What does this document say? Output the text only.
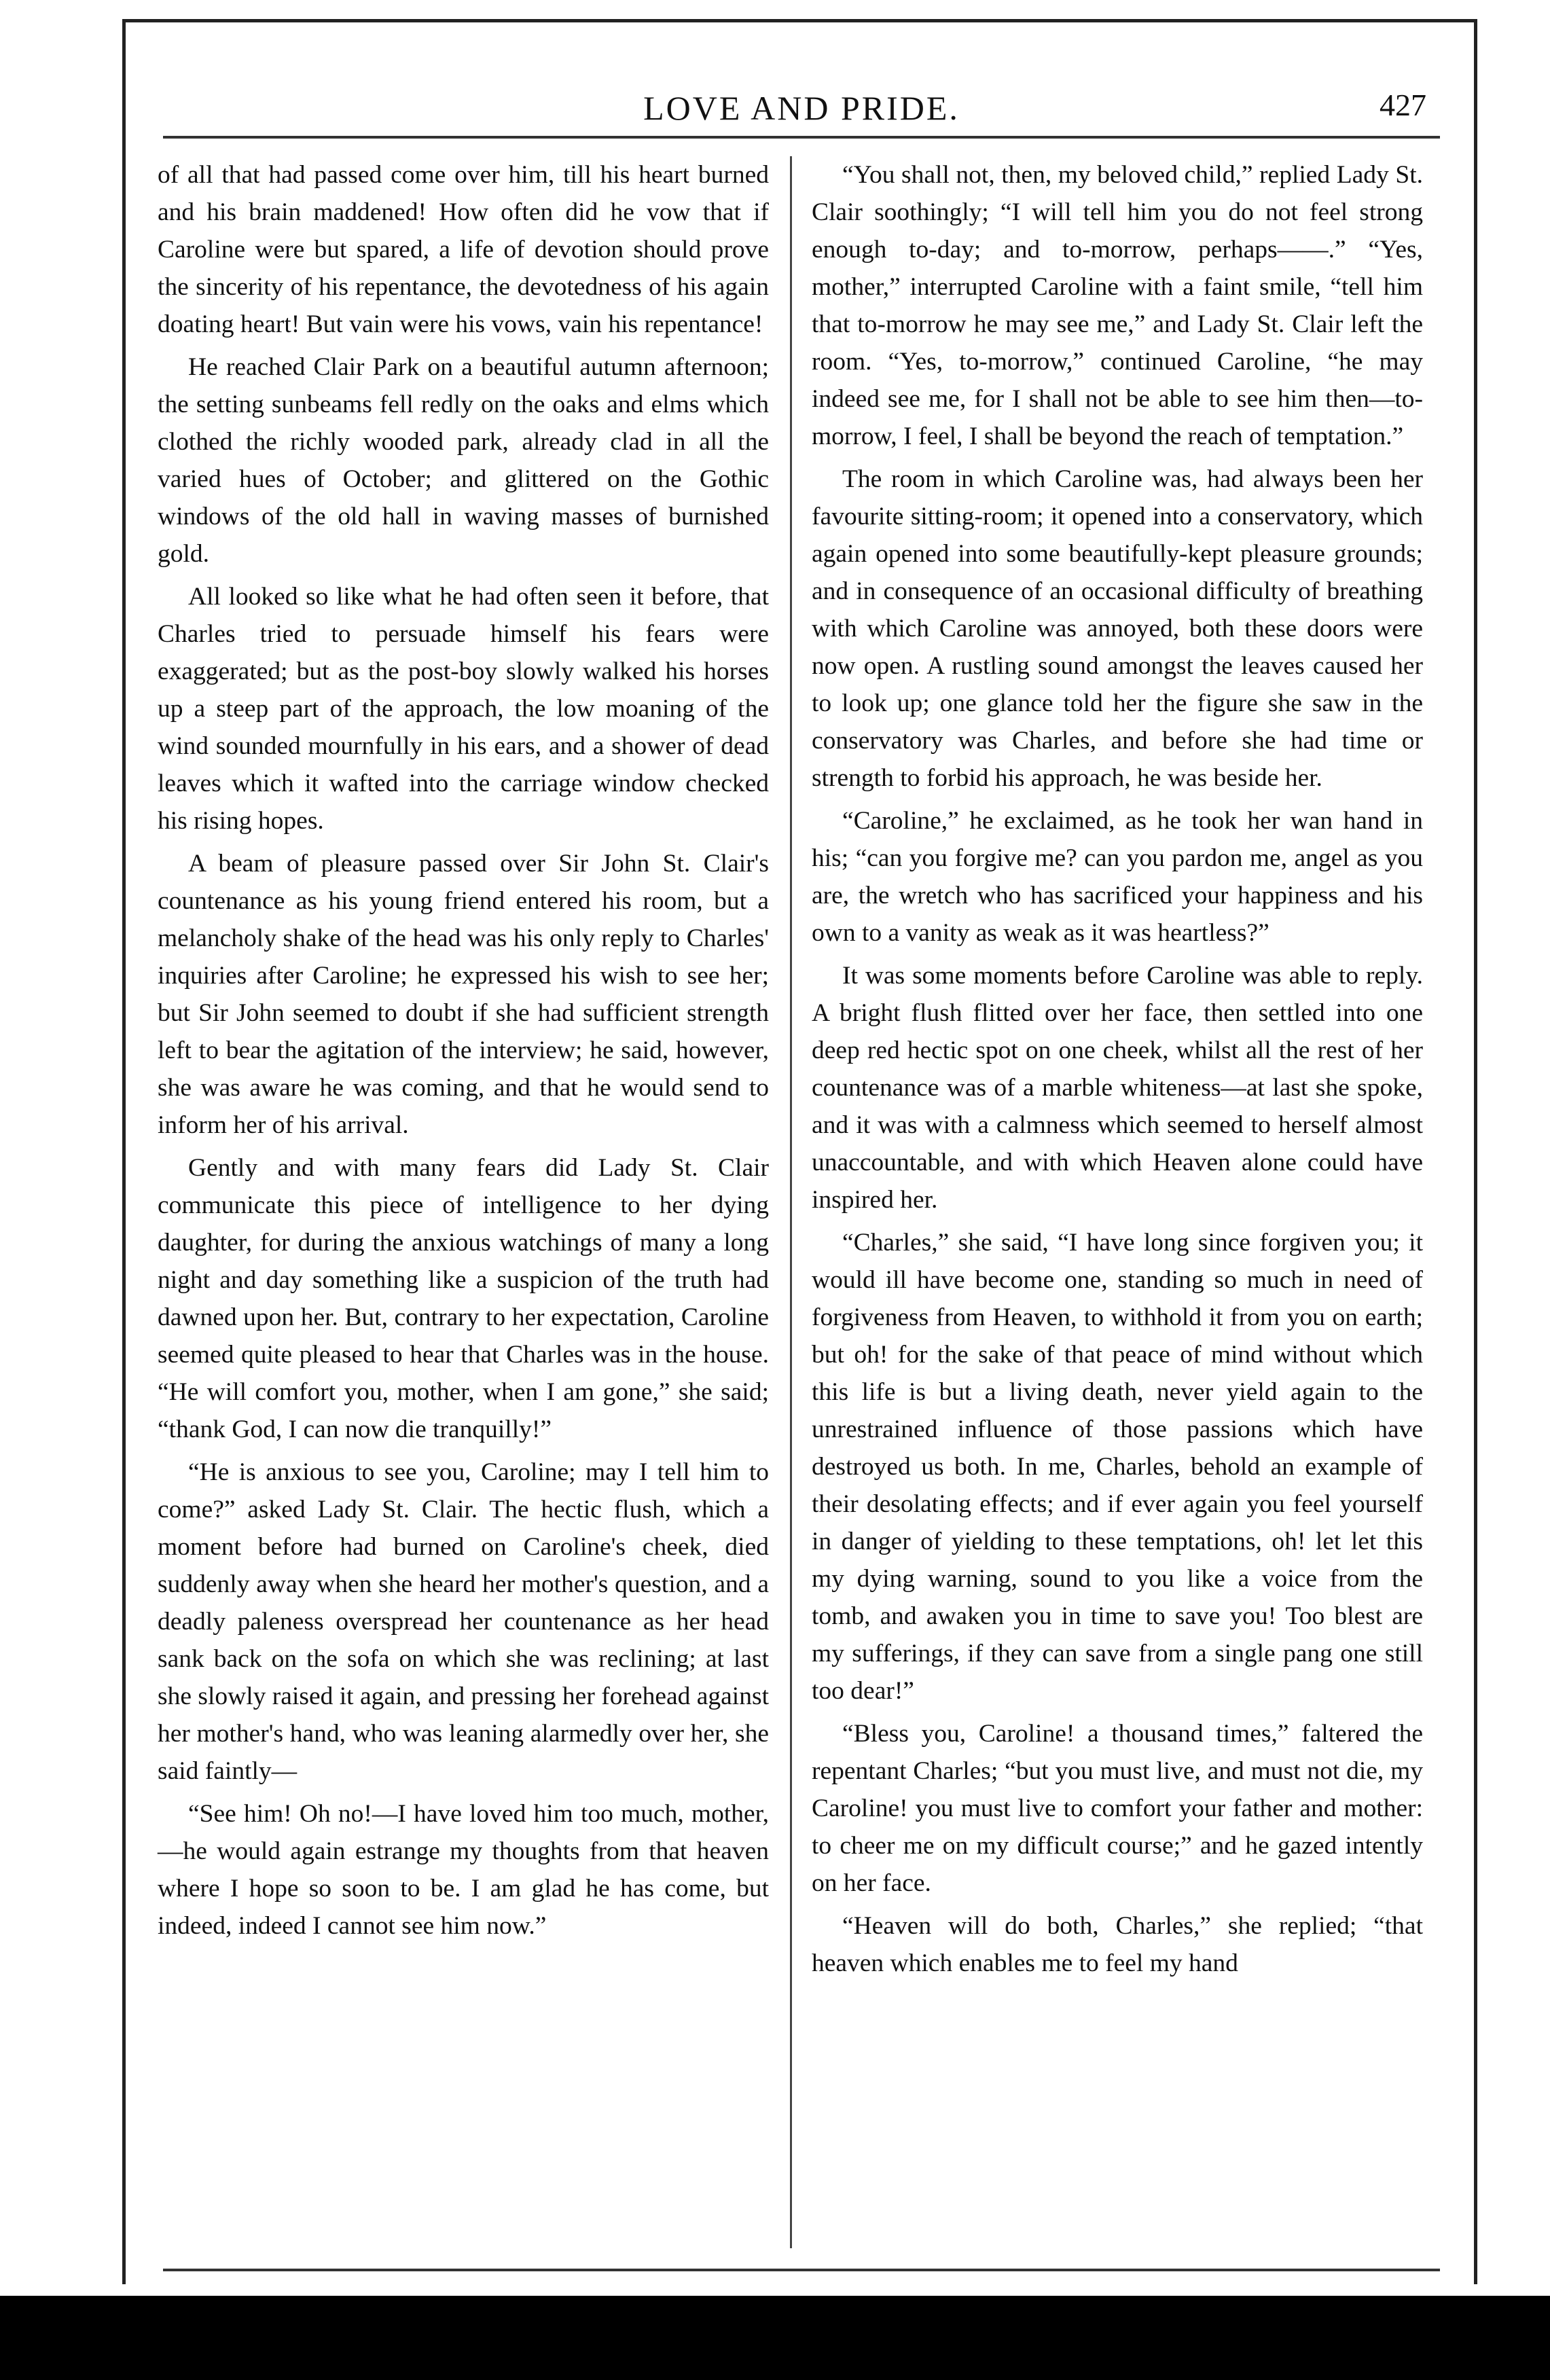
LOVE AND PRIDE.	427

of all that had passed come over him, till his heart burned and his brain maddened! How often did he vow that if Caroline were but spared, a life of devotion should prove the sincerity of his repentance, the devotedness of his again doating heart! But vain were his vows, vain his repentance!

He reached Clair Park on a beautiful autumn afternoon; the setting sunbeams fell redly on the oaks and elms which clothed the richly wooded park, already clad in all the varied hues of October; and glittered on the Gothic windows of the old hall in waving masses of burnished gold.

All looked so like what he had often seen it before, that Charles tried to persuade himself his fears were exaggerated; but as the post-boy slowly walked his horses up a steep part of the approach, the low moaning of the wind sounded mournfully in his ears, and a shower of dead leaves which it wafted into the carriage window checked his rising hopes.

A beam of pleasure passed over Sir John St. Clair's countenance as his young friend entered his room, but a melancholy shake of the head was his only reply to Charles' inquiries after Caroline; he expressed his wish to see her; but Sir John seemed to doubt if she had sufficient strength left to bear the agitation of the interview; he said, however, she was aware he was coming, and that he would send to inform her of his arrival.

Gently and with many fears did Lady St. Clair communicate this piece of intelligence to her dying daughter, for during the anxious watchings of many a long night and day something like a suspicion of the truth had dawned upon her. But, contrary to her expectation, Caroline seemed quite pleased to hear that Charles was in the house. “He will comfort you, mother, when I am gone,” she said; “thank God, I can now die tranquilly!”

“He is anxious to see you, Caroline; may I tell him to come?” asked Lady St. Clair. The hectic flush, which a moment before had burned on Caroline's cheek, died suddenly away when she heard her mother's question, and a deadly paleness overspread her countenance as her head sank back on the sofa on which she was reclining; at last she slowly raised it again, and pressing her forehead against her mother's hand, who was leaning alarmedly over her, she said faintly—

“See him! Oh no!—I have loved him too much, mother,—he would again estrange my thoughts from that heaven where I hope so soon to be. I am glad he has come, but indeed, indeed I cannot see him now.”

“You shall not, then, my beloved child,” replied Lady St. Clair soothingly; “I will tell him you do not feel strong enough to-day; and to-morrow, perhaps——.” “Yes, mother,” interrupted Caroline with a faint smile, “tell him that to-morrow he may see me,” and Lady St. Clair left the room. “Yes, to-morrow,” continued Caroline, “he may indeed see me, for I shall not be able to see him then—to-morrow, I feel, I shall be beyond the reach of temptation.”

The room in which Caroline was, had always been her favourite sitting-room; it opened into a conservatory, which again opened into some beautifully-kept pleasure grounds; and in consequence of an occasional difficulty of breathing with which Caroline was annoyed, both these doors were now open. A rustling sound amongst the leaves caused her to look up; one glance told her the figure she saw in the conservatory was Charles, and before she had time or strength to forbid his approach, he was beside her.

“Caroline,” he exclaimed, as he took her wan hand in his; “can you forgive me? can you pardon me, angel as you are, the wretch who has sacrificed your happiness and his own to a vanity as weak as it was heartless?”

It was some moments before Caroline was able to reply. A bright flush flitted over her face, then settled into one deep red hectic spot on one cheek, whilst all the rest of her countenance was of a marble whiteness—at last she spoke, and it was with a calmness which seemed to herself almost unaccountable, and with which Heaven alone could have inspired her.

“Charles,” she said, “I have long since forgiven you; it would ill have become one, standing so much in need of forgiveness from Heaven, to withhold it from you on earth; but oh! for the sake of that peace of mind without which this life is but a living death, never yield again to the unrestrained influence of those passions which have destroyed us both. In me, Charles, behold an example of their desolating effects; and if ever again you feel yourself in danger of yielding to these temptations, oh! let let this my dying warning, sound to you like a voice from the tomb, and awaken you in time to save you! Too blest are my sufferings, if they can save from a single pang one still too dear!”

“Bless you, Caroline! a thousand times,” faltered the repentant Charles; “but you must live, and must not die, my Caroline! you must live to comfort your father and mother: to cheer me on my difficult course;” and he gazed intently on her face.

“Heaven will do both, Charles,” she replied; “that heaven which enables me to feel my hand
